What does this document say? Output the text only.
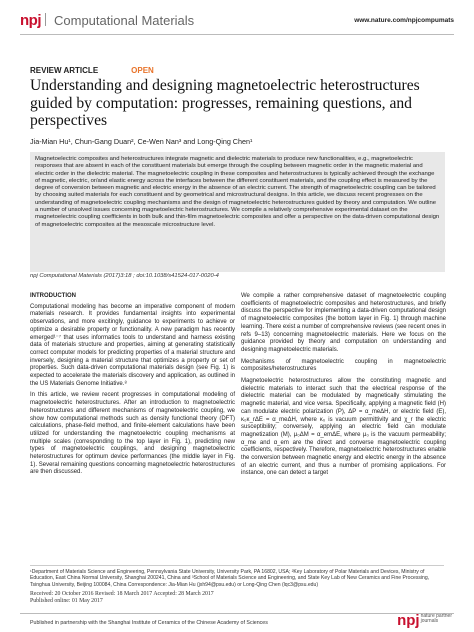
npj	Computational Materials	www.nature.com/npjcompumats
REVIEW ARTICLE	OPEN
Understanding and designing magnetoelectric heterostructures guided by computation: progresses, remaining questions, and perspectives
Jia-Mian Hu¹, Chun-Gang Duan², Ce-Wen Nan³ and Long-Qing Chen¹
Magnetoelectric composites and heterostructures integrate magnetic and dielectric materials to produce new functionalities, e.g., magnetoelectric responses that are absent in each of the constituent materials but emerge through the coupling between magnetic order in the magnetic material and electric order in the dielectric material. The magnetoelectric coupling in these composites and heterostructures is typically achieved through the exchange of magnetic, electric, or/and elastic energy across the interfaces between the different constituent materials, and the coupling effect is measured by the degree of conversion between magnetic and electric energy in the absence of an electric current. The strength of magnetoelectric coupling can be tailored by choosing suited materials for each constituent and by geometrical and microstructural designs. In this article, we discuss recent progresses on the understanding of magnetoelectric coupling mechanisms and the design of magnetoelectric heterostructures guided by theory and computation. We outline a number of unsolved issues concerning magnetoelectric heterostructures. We compile a relatively comprehensive experimental dataset on the magnetoelectric coupling coefficients in both bulk and thin-film magnetoelectric composites and offer a perspective on the data-driven computational design of magnetoelectric composites at the mesoscale microstructure level.
npj Computational Materials (2017)3:18 ; doi:10.1038/s41524-017-0020-4
INTRODUCTION

Computational modeling has become an imperative component of modern materials research. It provides fundamental insights into experimental observations, and more excitingly, guidance to experiments to achieve or optimize a desirable property or functionality. A new paradigm has recently emerged¹⁻⁷ that uses informatics tools to understand and harness existing data of materials structure and properties, aiming at generating statistically correct computer models for predicting properties of a material structure and inversely, designing a material structure that optimizes a property or set of properties. Such data-driven computational materials design (see Fig. 1) is expected to accelerate the materials discovery and application, as outlined in the US Materials Genome Initiative.⁸

In this article, we review recent progresses in computational modeling of magnetoelectric heterostructures. After an introduction to magnetoelectric heterostructures and different mechanisms of magnetoelectric coupling, we show how computational methods such as density functional theory (DFT) calculations, phase-field method, and finite-element calculations have been utilized for understanding the magnetoelectric coupling mechanisms at multiple scales (corresponding to the top layer in Fig. 1), predicting new types of magnetoelectric couplings, and designing magnetoelectric heterostructures for optimum device performances (the middle layer in Fig. 1). Several remaining questions concerning magnetoelectric heterostructures are then discussed.

We compile a rather comprehensive dataset of magnetoelectric coupling coefficients of magnetoelectric composites and heterostructures, and briefly discuss the perspective for implementing a data-driven computational design of magnetoelectric composites (the bottom layer in Fig. 1) through machine learning. There exist a number of comprehensive reviews (see recent ones in refs 9–13) concerning magnetoelectric materials. Here we focus on the guidance provided by theory and computation on understanding and designing magnetoelectric materials.

Mechanisms of magnetoelectric coupling in magnetoelectric composites/heterostructures

Magnetoelectric heterostructures allow the constituting magnetic and dielectric materials to interact such that the electrical response of the dielectric material can be modulated by magnetically stimulating the magnetic material, and vice versa. Specifically, applying a magnetic field (H) can modulate electric polarization (P), ΔP = α_meΔH, or electric field (E), κ₀κ_rΔE = α_meΔH, where κ₀ is vacuum permittivity and χ_r the electric susceptibility; conversely, applying an electric field can modulate magnetization (M), μ₀ΔM = α_emΔE, where μ₀ is the vacuum permeability; α_me and α_em are the direct and converse magnetoelectric coupling coefficients, respectively. Therefore, magnetoelectric heterostructures enable the conversion between magnetic energy and electric energy in the absence of an electric current, and thus a number of promising applications. For instance, one can detect a target

¹Department of Materials Science and Engineering, Pennsylvania State University, University Park, PA 16802, USA; ²Key Laboratory of Polar Materials and Devices, Ministry of Education, East China Normal University, Shanghai 200241, China and ³School of Materials Science and Engineering, and State Key Lab of New Ceramics and Fine Processing, Tsinghua University, Beijing 100084, China Correspondence: Jia-Mian Hu (jxh94@psu.edu) or Long-Qing Chen (lqc3@psu.edu)
Received: 20 October 2016 Revised: 18 March 2017 Accepted: 28 March 2017
Published online: 01 May 2017
Published in partnership with the Shanghai Institute of Ceramics of the Chinese Academy of Sciences	npjnature partner
journals
